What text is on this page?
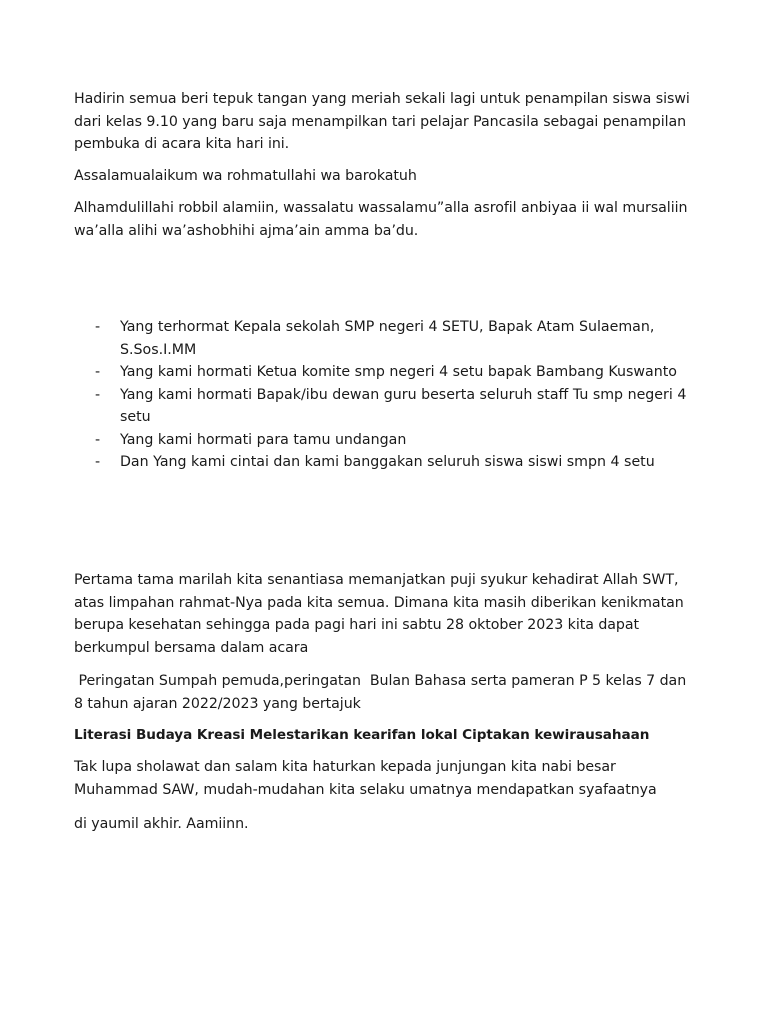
Hadirin semua beri tepuk tangan yang meriah sekali lagi untuk penampilan siswa siswi dari kelas 9.10 yang baru saja menampilkan tari pelajar Pancasila sebagai penampilan pembuka di acara kita hari ini.

Assalamualaikum wa rohmatullahi wa barokatuh

Alhamdulillahi robbil alamiin, wassalatu wassalamu”alla asrofil anbiyaa ii wal mursaliin wa’alla alihi wa’ashobhihi ajma’ain amma ba’du.

- Yang terhormat Kepala sekolah SMP negeri 4 SETU, Bapak Atam Sulaeman, S.Sos.I.MM
- Yang kami hormati Ketua komite smp negeri 4 setu bapak Bambang Kuswanto
- Yang kami hormati Bapak/ibu dewan guru beserta seluruh staff Tu smp negeri 4 setu
- Yang kami hormati para tamu undangan
- Dan Yang kami cintai dan kami banggakan seluruh siswa siswi smpn 4 setu

Pertama tama marilah kita senantiasa memanjatkan puji syukur kehadirat Allah SWT, atas limpahan rahmat-Nya pada kita semua. Dimana kita masih diberikan kenikmatan berupa kesehatan sehingga pada pagi hari ini sabtu 28 oktober 2023 kita dapat berkumpul bersama dalam acara

Peringatan Sumpah pemuda,peringatan  Bulan Bahasa serta pameran P 5 kelas 7 dan 8 tahun ajaran 2022/2023 yang bertajuk

Literasi Budaya Kreasi Melestarikan kearifan lokal Ciptakan kewirausahaan

Tak lupa sholawat dan salam kita haturkan kepada junjungan kita nabi besar Muhammad SAW, mudah-mudahan kita selaku umatnya mendapatkan syafaatnya

di yaumil akhir. Aamiinn.
